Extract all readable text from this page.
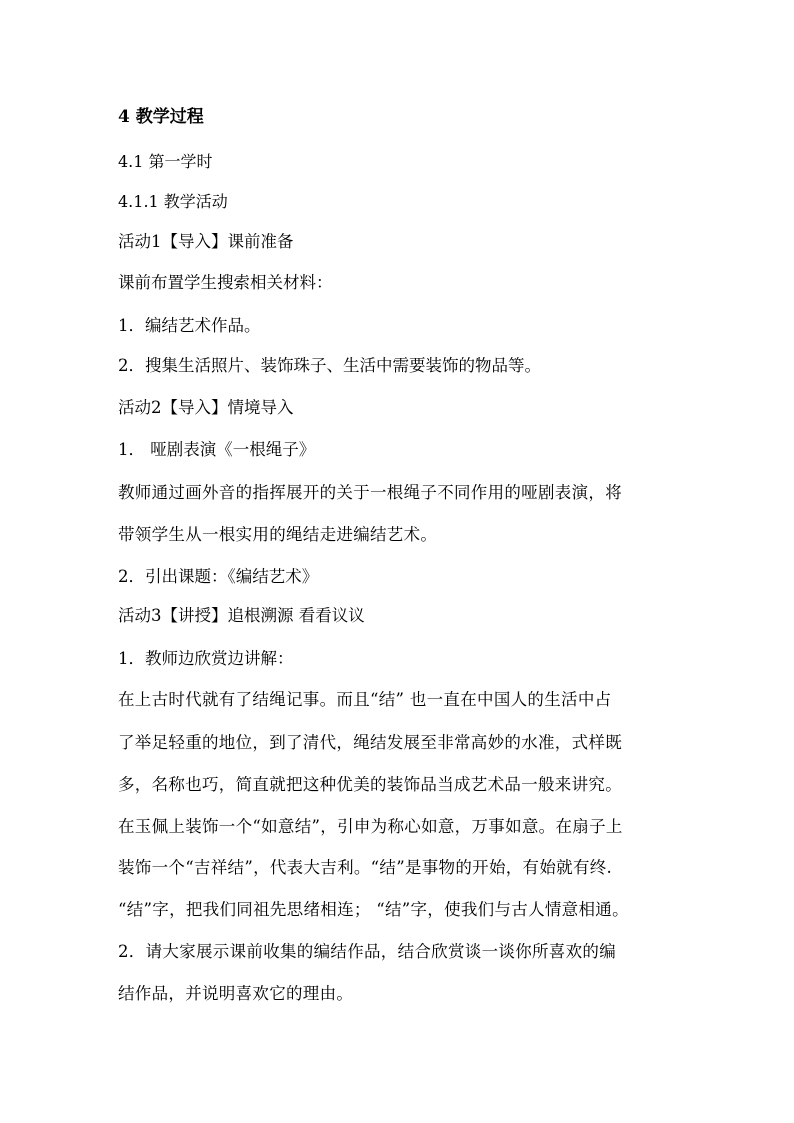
4 教学过程
4.1 第一学时
4.1.1 教学活动
活动1【导入】课前准备
课前布置学生搜索相关材料：
1．编结艺术作品。
2．搜集生活照片、装饰珠子、生活中需要装饰的物品等。
活动2【导入】情境导入
1． 哑剧表演《一根绳子》
教师通过画外音的指挥展开的关于一根绳子不同作用的哑剧表演，将
带领学生从一根实用的绳结走进编结艺术。
2．引出课题：《编结艺术》
活动3【讲授】追根溯源 看看议议
1．教师边欣赏边讲解：
在上古时代就有了结绳记事。而且“结” 也一直在中国人的生活中占
了举足轻重的地位，到了清代，绳结发展至非常高妙的水准，式样既
多，名称也巧，简直就把这种优美的装饰品当成艺术品一般来讲究。
在玉佩上装饰一个“如意结”，引申为称心如意，万事如意。在扇子上
装饰一个“吉祥结”，代表大吉利。“结”是事物的开始，有始就有终.
“结”字，把我们同祖先思绪相连； “结”字，使我们与古人情意相通。
2．请大家展示课前收集的编结作品，结合欣赏谈一谈你所喜欢的编
结作品，并说明喜欢它的理由。
